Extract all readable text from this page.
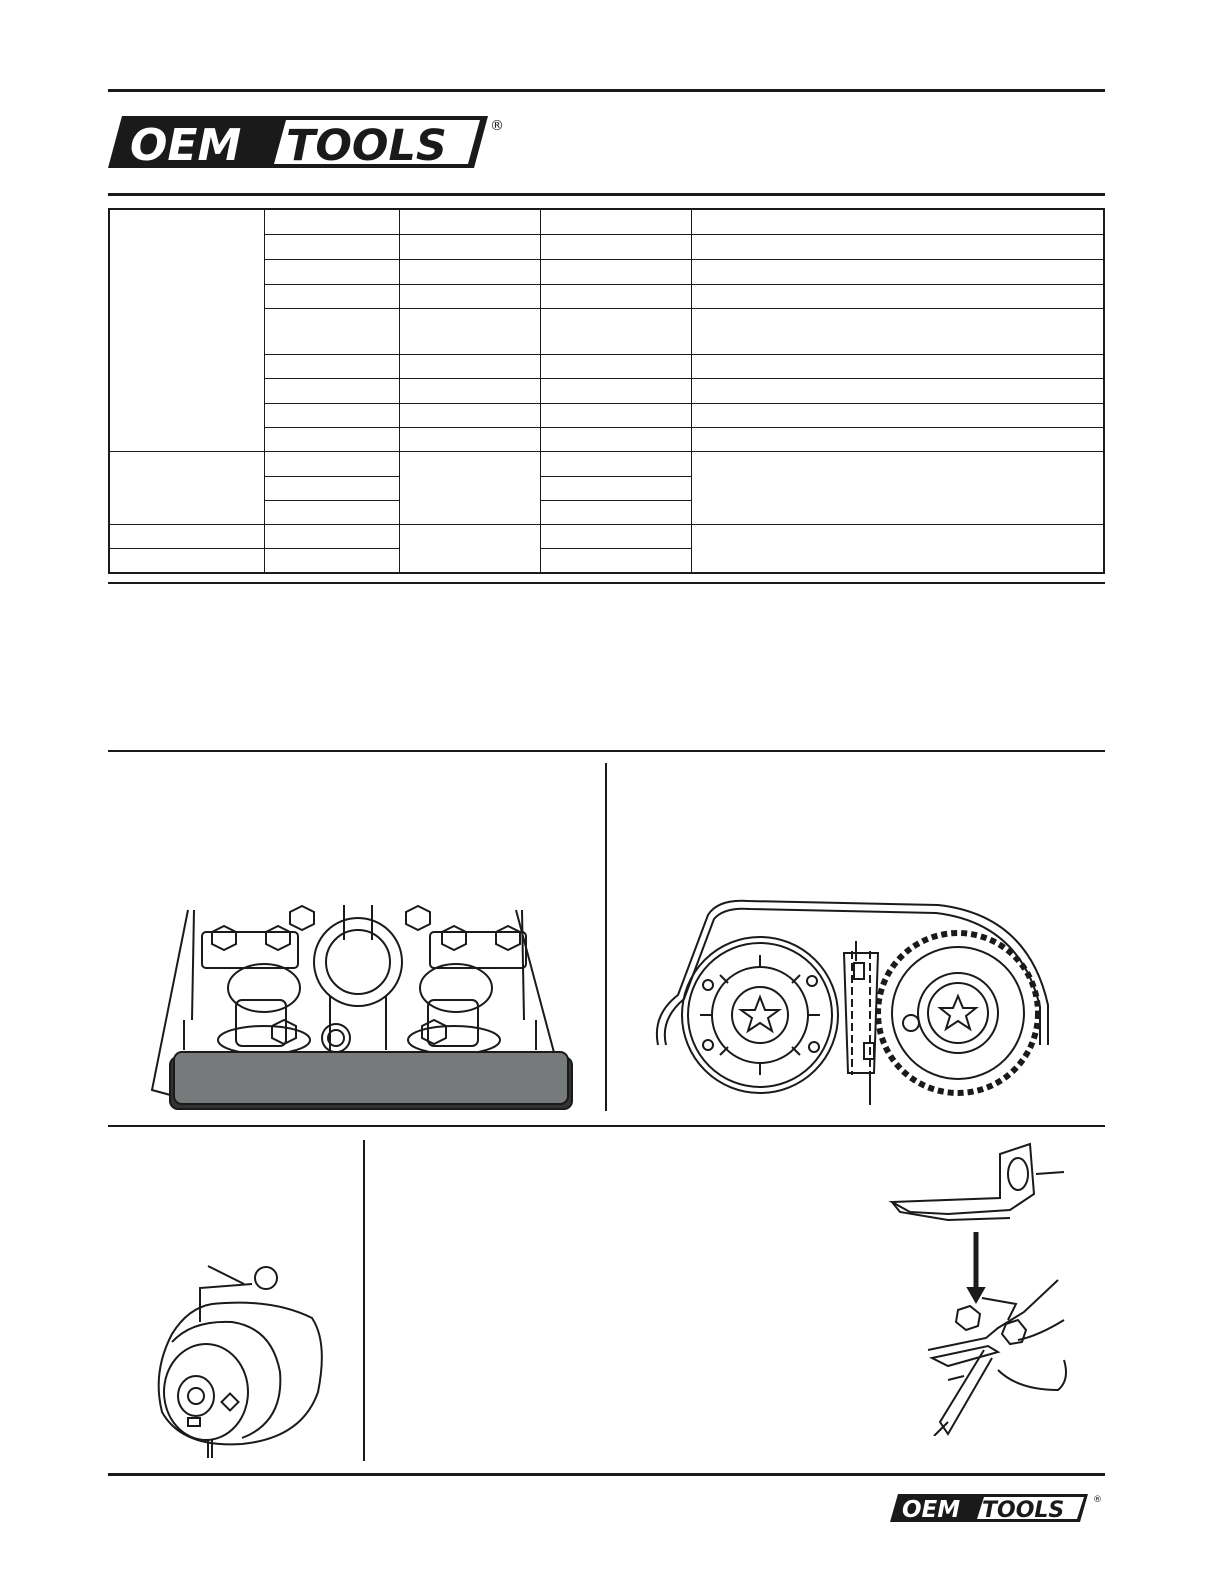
OEM TOOLS	®

OEM TOOLS	®
